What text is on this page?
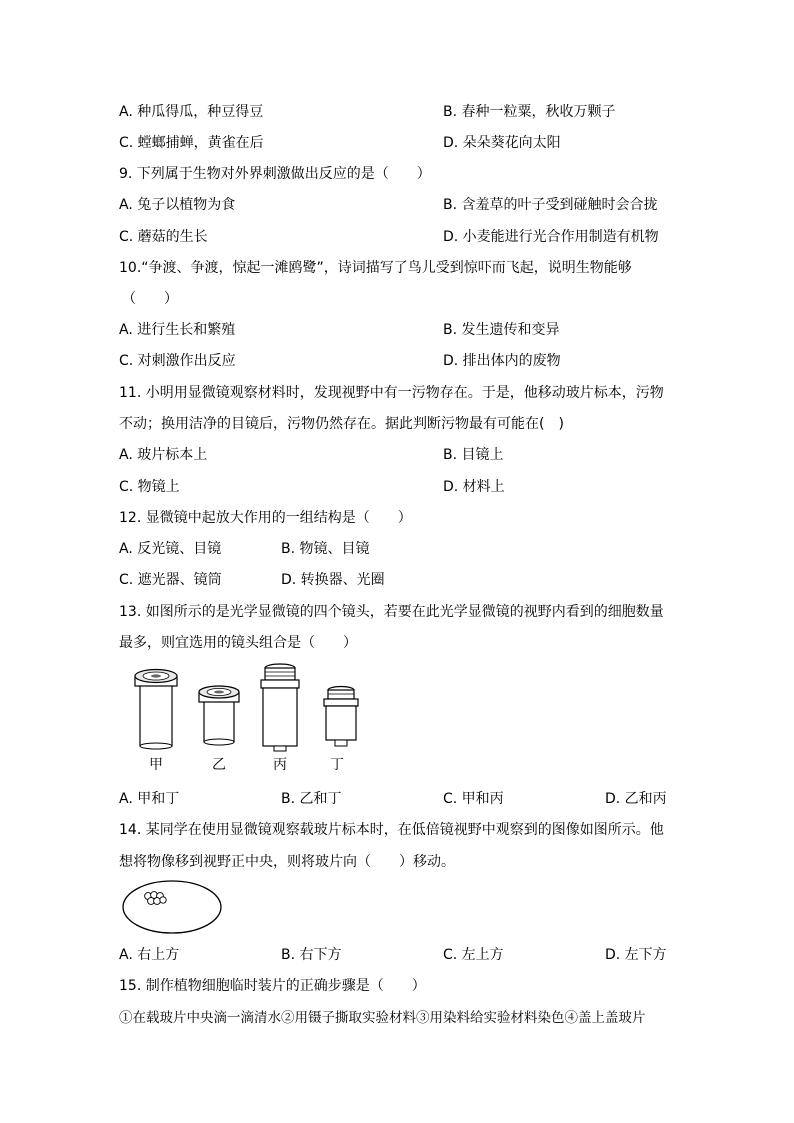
A. 种瓜得瓜，种豆得豆	B. 春种一粒粟，秋收万颗子
C. 螳螂捕蝉，黄雀在后	D. 朵朵葵花向太阳
9. 下列属于生物对外界刺激做出反应的是（　　）
A. 兔子以植物为食	B. 含羞草的叶子受到碰触时会合拢
C. 蘑菇的生长	D. 小麦能进行光合作用制造有机物
10.“争渡、争渡，惊起一滩鸥鹭”，诗词描写了鸟儿受到惊吓而飞起，说明生物能够
（　　）
A. 进行生长和繁殖	B. 发生遗传和变异
C. 对刺激作出反应	D. 排出体内的废物
11. 小明用显微镜观察材料时，发现视野中有一污物存在。于是，他移动玻片标本，污物
不动；换用洁净的目镜后，污物仍然存在。据此判断污物最有可能在(　)
A. 玻片标本上	B. 目镜上
C. 物镜上	D. 材料上
12. 显微镜中起放大作用的一组结构是（　　）
A. 反光镜、目镜	B. 物镜、目镜
C. 遮光器、镜筒	D. 转换器、光圈
13. 如图所示的是光学显微镜的四个镜头，若要在此光学显微镜的视野内看到的细胞数量
最多，则宜选用的镜头组合是（　　）
甲	乙	丙	丁
A. 甲和丁	B. 乙和丁	C. 甲和丙	D. 乙和丙
14. 某同学在使用显微镜观察载玻片标本时，在低倍镜视野中观察到的图像如图所示。他
想将物像移到视野正中央，则将玻片向（　　）移动。
A. 右上方	B. 右下方	C. 左上方	D. 左下方
15. 制作植物细胞临时装片的正确步骤是（　　）
①在载玻片中央滴一滴清水②用镊子撕取实验材料③用染料给实验材料染色④盖上盖玻片
